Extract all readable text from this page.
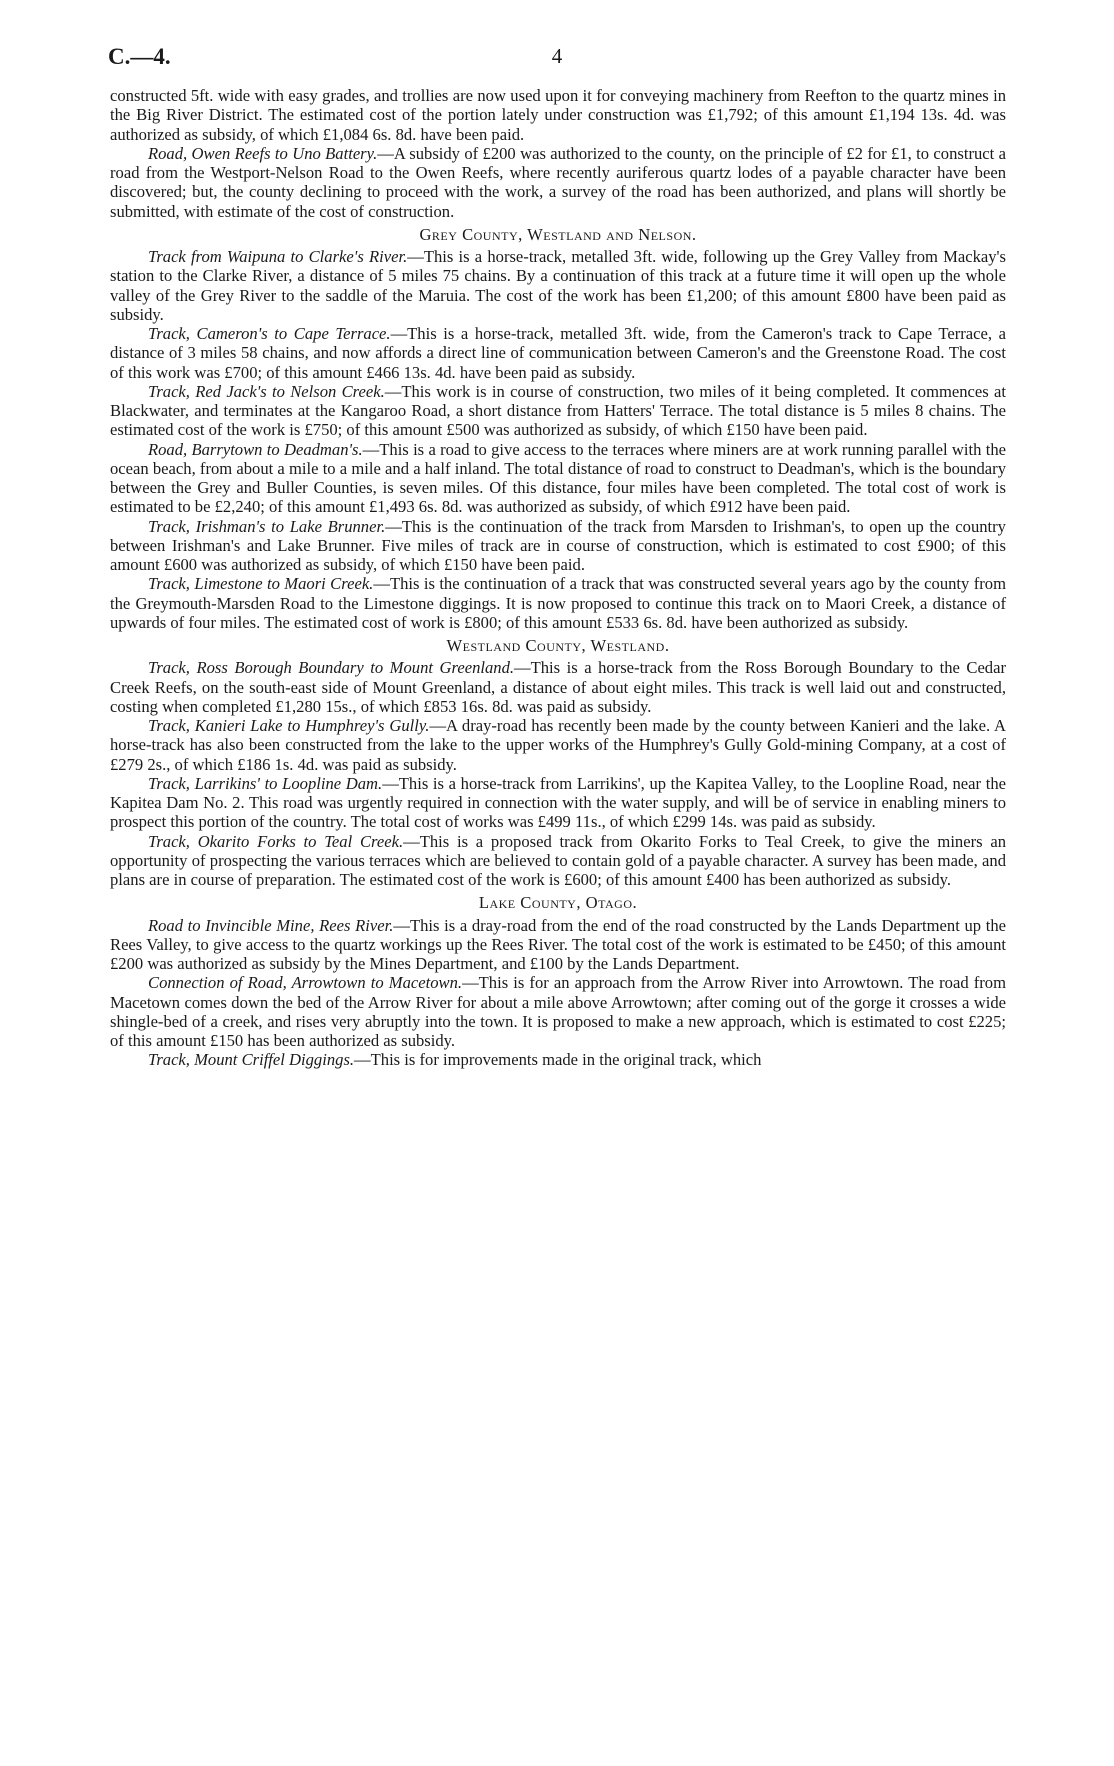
C.—4.	4

constructed 5ft. wide with easy grades, and trollies are now used upon it for conveying machinery from Reefton to the quartz mines in the Big River District. The estimated cost of the portion lately under construction was £1,792; of this amount £1,194 13s. 4d. was authorized as subsidy, of which £1,084 6s. 8d. have been paid.

Road, Owen Reefs to Uno Battery.—A subsidy of £200 was authorized to the county, on the principle of £2 for £1, to construct a road from the Westport-Nelson Road to the Owen Reefs, where recently auriferous quartz lodes of a payable character have been discovered; but, the county declining to proceed with the work, a survey of the road has been authorized, and plans will shortly be submitted, with estimate of the cost of construction.

Grey County, Westland and Nelson.

Track from Waipuna to Clarke's River.—This is a horse-track, metalled 3ft. wide, following up the Grey Valley from Mackay's station to the Clarke River, a distance of 5 miles 75 chains. By a continuation of this track at a future time it will open up the whole valley of the Grey River to the saddle of the Maruia. The cost of the work has been £1,200; of this amount £800 have been paid as subsidy.

Track, Cameron's to Cape Terrace.—This is a horse-track, metalled 3ft. wide, from the Cameron's track to Cape Terrace, a distance of 3 miles 58 chains, and now affords a direct line of communication between Cameron's and the Greenstone Road. The cost of this work was £700; of this amount £466 13s. 4d. have been paid as subsidy.

Track, Red Jack's to Nelson Creek.—This work is in course of construction, two miles of it being completed. It commences at Blackwater, and terminates at the Kangaroo Road, a short distance from Hatters' Terrace. The total distance is 5 miles 8 chains. The estimated cost of the work is £750; of this amount £500 was authorized as subsidy, of which £150 have been paid.

Road, Barrytown to Deadman's.—This is a road to give access to the terraces where miners are at work running parallel with the ocean beach, from about a mile to a mile and a half inland. The total distance of road to construct to Deadman's, which is the boundary between the Grey and Buller Counties, is seven miles. Of this distance, four miles have been completed. The total cost of work is estimated to be £2,240; of this amount £1,493 6s. 8d. was authorized as subsidy, of which £912 have been paid.

Track, Irishman's to Lake Brunner.—This is the continuation of the track from Marsden to Irishman's, to open up the country between Irishman's and Lake Brunner. Five miles of track are in course of construction, which is estimated to cost £900; of this amount £600 was authorized as subsidy, of which £150 have been paid.

Track, Limestone to Maori Creek.—This is the continuation of a track that was constructed several years ago by the county from the Greymouth-Marsden Road to the Limestone diggings. It is now proposed to continue this track on to Maori Creek, a distance of upwards of four miles. The estimated cost of work is £800; of this amount £533 6s. 8d. have been authorized as subsidy.

Westland County, Westland.

Track, Ross Borough Boundary to Mount Greenland.—This is a horse-track from the Ross Borough Boundary to the Cedar Creek Reefs, on the south-east side of Mount Greenland, a distance of about eight miles. This track is well laid out and constructed, costing when completed £1,280 15s., of which £853 16s. 8d. was paid as subsidy.

Track, Kanieri Lake to Humphrey's Gully.—A dray-road has recently been made by the county between Kanieri and the lake. A horse-track has also been constructed from the lake to the upper works of the Humphrey's Gully Gold-mining Company, at a cost of £279 2s., of which £186 1s. 4d. was paid as subsidy.

Track, Larrikins' to Loopline Dam.—This is a horse-track from Larrikins', up the Kapitea Valley, to the Loopline Road, near the Kapitea Dam No. 2. This road was urgently required in connection with the water supply, and will be of service in enabling miners to prospect this portion of the country. The total cost of works was £499 11s., of which £299 14s. was paid as subsidy.

Track, Okarito Forks to Teal Creek.—This is a proposed track from Okarito Forks to Teal Creek, to give the miners an opportunity of prospecting the various terraces which are believed to contain gold of a payable character. A survey has been made, and plans are in course of preparation. The estimated cost of the work is £600; of this amount £400 has been authorized as subsidy.

Lake County, Otago.

Road to Invincible Mine, Rees River.—This is a dray-road from the end of the road constructed by the Lands Department up the Rees Valley, to give access to the quartz workings up the Rees River. The total cost of the work is estimated to be £450; of this amount £200 was authorized as subsidy by the Mines Department, and £100 by the Lands Department.

Connection of Road, Arrowtown to Macetown.—This is for an approach from the Arrow River into Arrowtown. The road from Macetown comes down the bed of the Arrow River for about a mile above Arrowtown; after coming out of the gorge it crosses a wide shingle-bed of a creek, and rises very abruptly into the town. It is proposed to make a new approach, which is estimated to cost £225; of this amount £150 has been authorized as subsidy.

Track, Mount Criffel Diggings.—This is for improvements made in the original track, which
